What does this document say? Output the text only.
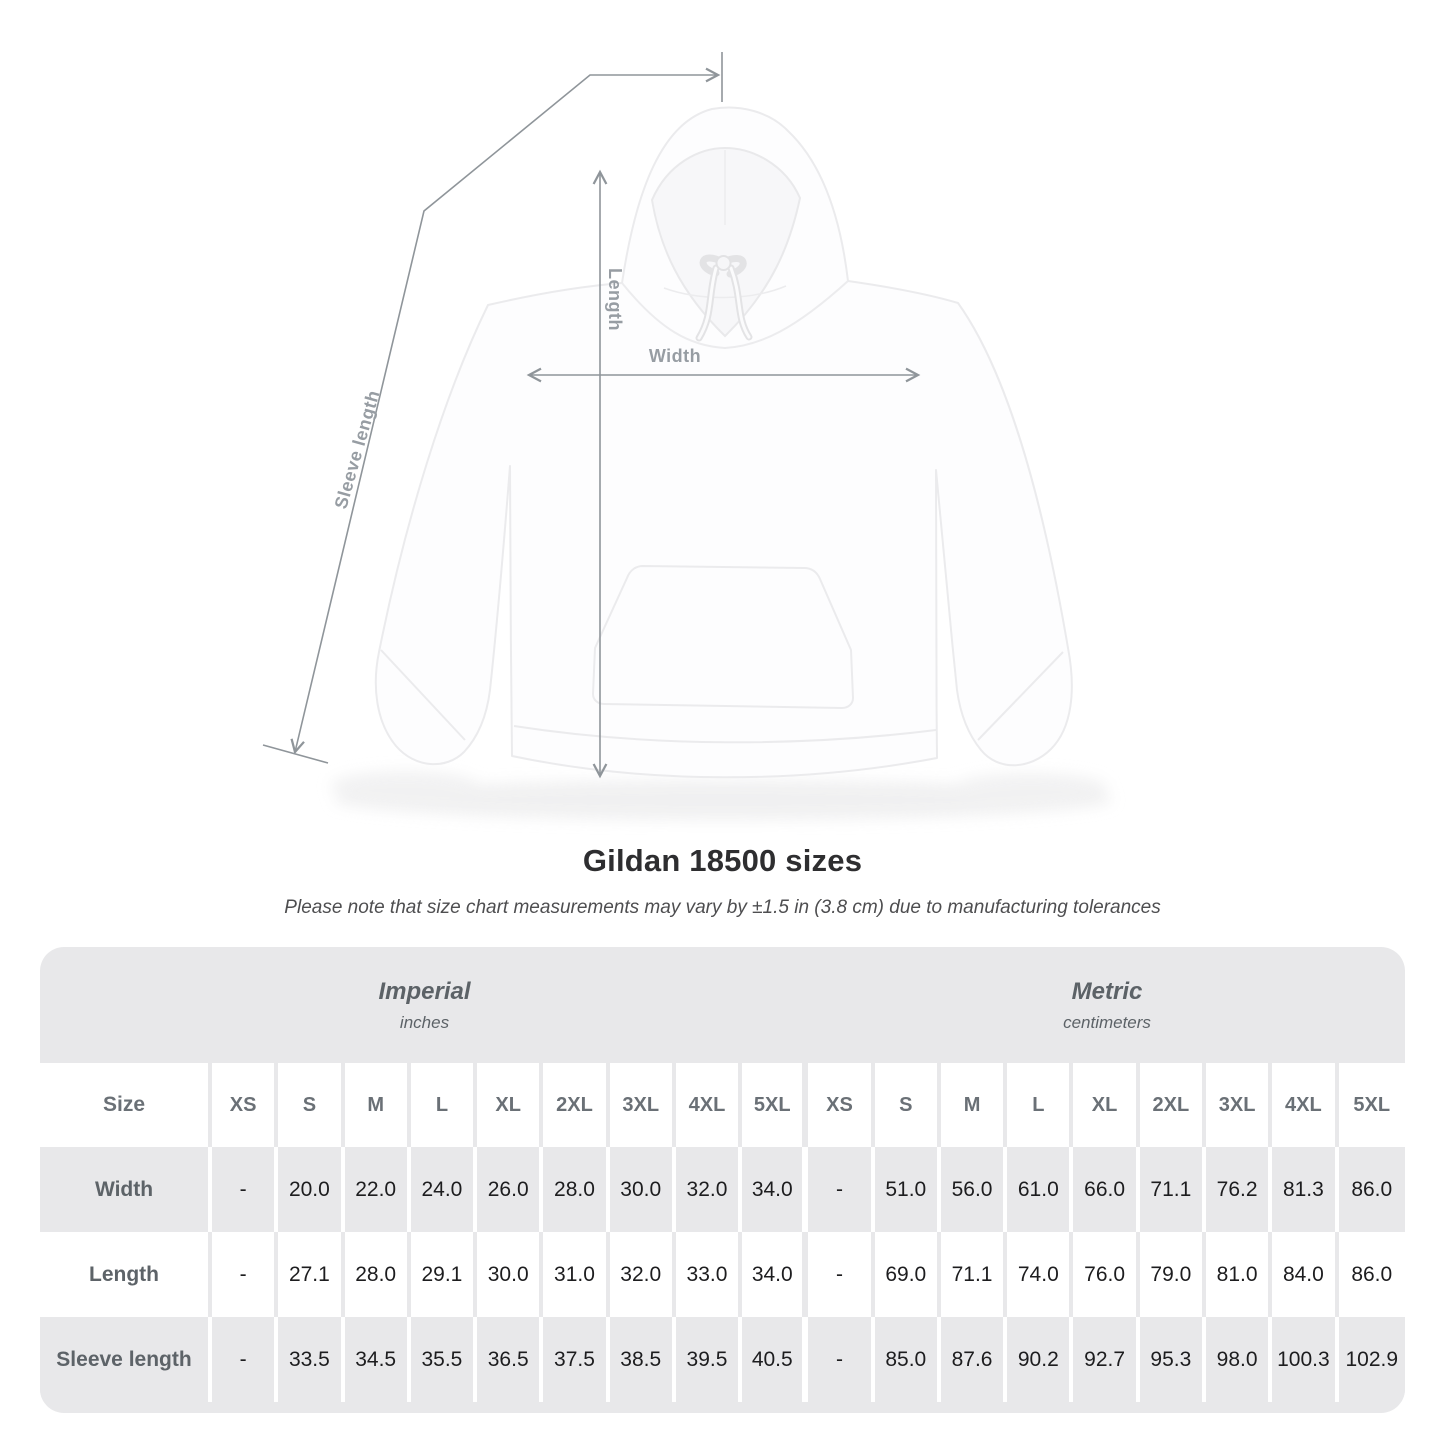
Length
Width
Sleeve length
Gildan 18500 sizes
Please note that size chart measurements may vary by ±1.5 in (3.8 cm) due to manufacturing tolerances
Imperial
inches
Metric
centimeters
Size	XS	S	M	L	XL	2XL	3XL	4XL	5XL	XS	S	M	L	XL	2XL	3XL	4XL	5XL
Width	-	20.0	22.0	24.0	26.0	28.0	30.0	32.0	34.0	-	51.0	56.0	61.0	66.0	71.1	76.2	81.3	86.0
Length	-	27.1	28.0	29.1	30.0	31.0	32.0	33.0	34.0	-	69.0	71.1	74.0	76.0	79.0	81.0	84.0	86.0
Sleeve length	-	33.5	34.5	35.5	36.5	37.5	38.5	39.5	40.5	-	85.0	87.6	90.2	92.7	95.3	98.0	100.3	102.9
